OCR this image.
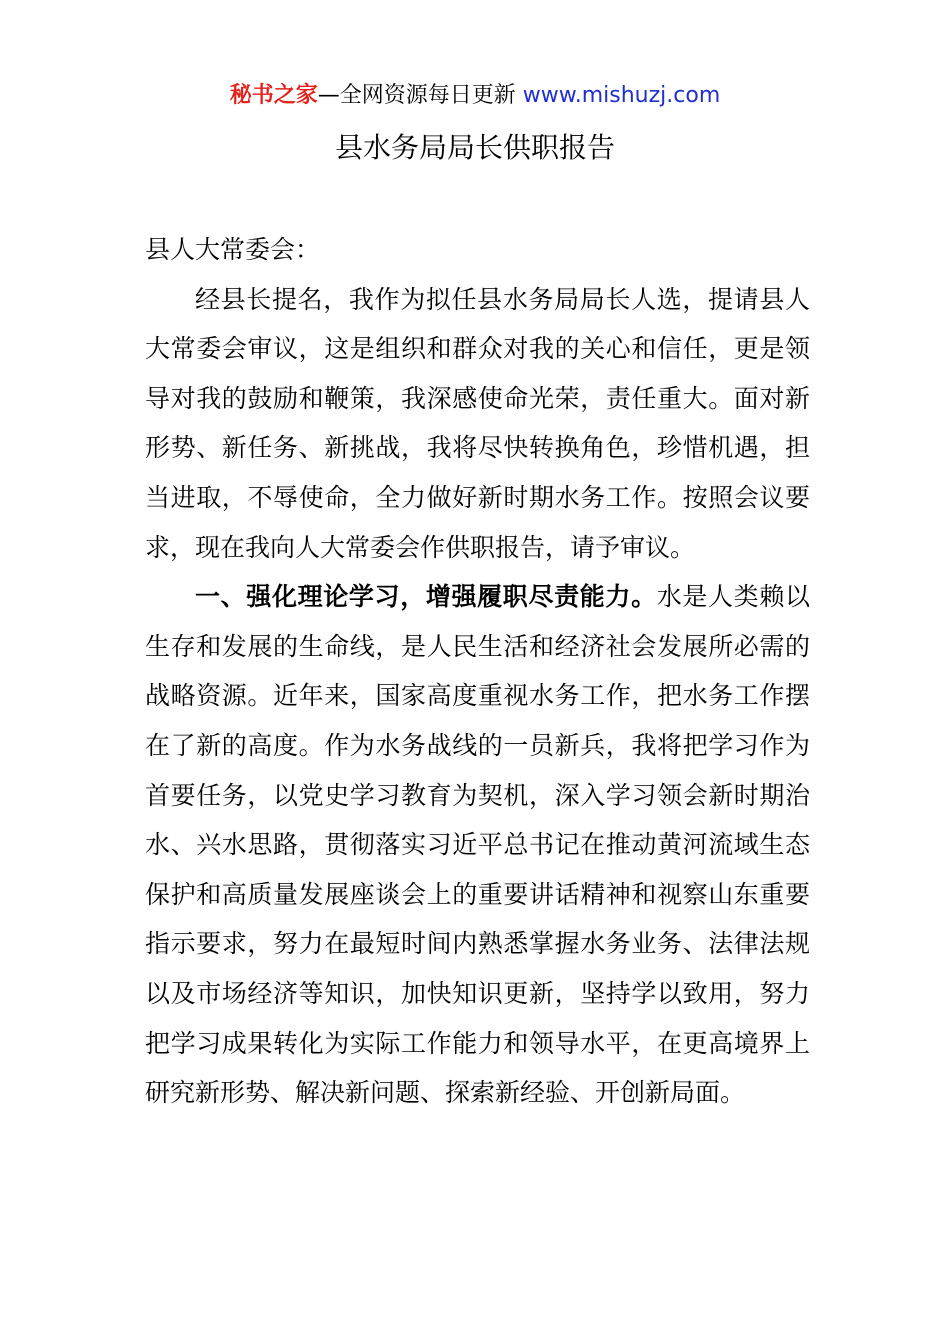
秘书之家—全网资源每日更新 www.mishuzj.com
县水务局局长供职报告

县人大常委会：

经县长提名，我作为拟任县水务局局长人选，提请县人大常委会审议，这是组织和群众对我的关心和信任，更是领导对我的鼓励和鞭策，我深感使命光荣，责任重大。面对新形势、新任务、新挑战，我将尽快转换角色，珍惜机遇，担当进取，不辱使命，全力做好新时期水务工作。按照会议要求，现在我向人大常委会作供职报告，请予审议。

一、强化理论学习，增强履职尽责能力。水是人类赖以生存和发展的生命线，是人民生活和经济社会发展所必需的战略资源。近年来，国家高度重视水务工作，把水务工作摆在了新的高度。作为水务战线的一员新兵，我将把学习作为首要任务，以党史学习教育为契机，深入学习领会新时期治水、兴水思路，贯彻落实习近平总书记在推动黄河流域生态保护和高质量发展座谈会上的重要讲话精神和视察山东重要指示要求，努力在最短时间内熟悉掌握水务业务、法律法规以及市场经济等知识，加快知识更新，坚持学以致用，努力把学习成果转化为实际工作能力和领导水平，在更高境界上研究新形势、解决新问题、探索新经验、开创新局面。
